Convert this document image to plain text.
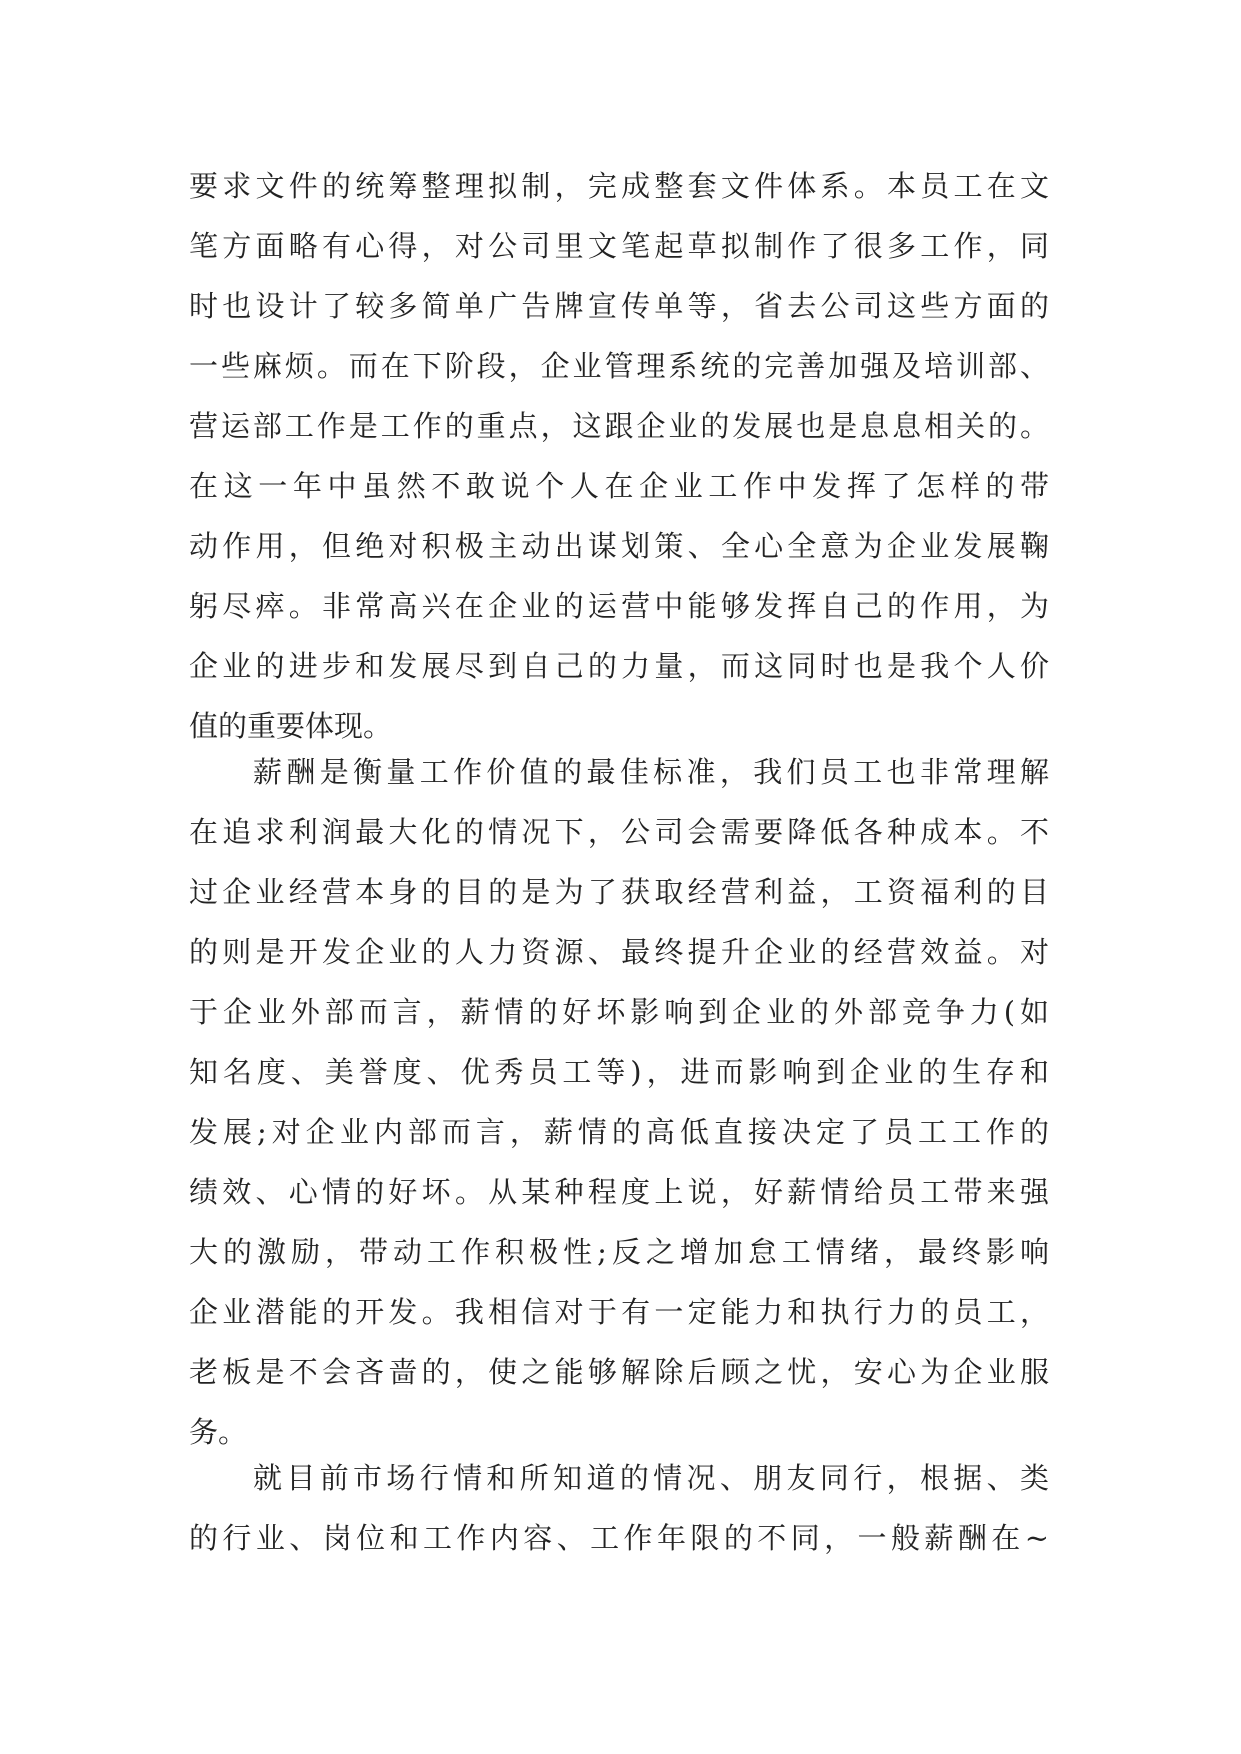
要求文件的统筹整理拟制，完成整套文件体系。本员工在文
笔方面略有心得，对公司里文笔起草拟制作了很多工作，同
时也设计了较多简单广告牌宣传单等，省去公司这些方面的
一些麻烦。而在下阶段，企业管理系统的完善加强及培训部、
营运部工作是工作的重点，这跟企业的发展也是息息相关的。
在这一年中虽然不敢说个人在企业工作中发挥了怎样的带
动作用，但绝对积极主动出谋划策、全心全意为企业发展鞠
躬尽瘁。非常高兴在企业的运营中能够发挥自己的作用，为
企业的进步和发展尽到自己的力量，而这同时也是我个人价
值的重要体现。
薪酬是衡量工作价值的最佳标准，我们员工也非常理解
在追求利润最大化的情况下，公司会需要降低各种成本。不
过企业经营本身的目的是为了获取经营利益，工资福利的目
的则是开发企业的人力资源、最终提升企业的经营效益。对
于企业外部而言，薪情的好坏影响到企业的外部竞争力(如
知名度、美誉度、优秀员工等)，进而影响到企业的生存和
发展;对企业内部而言，薪情的高低直接决定了员工工作的
绩效、心情的好坏。从某种程度上说，好薪情给员工带来强
大的激励，带动工作积极性;反之增加怠工情绪，最终影响
企业潜能的开发。我相信对于有一定能力和执行力的员工，
老板是不会吝啬的，使之能够解除后顾之忧，安心为企业服
务。
就目前市场行情和所知道的情况、朋友同行，根据、类
的行业、岗位和工作内容、工作年限的不同，一般薪酬在~
